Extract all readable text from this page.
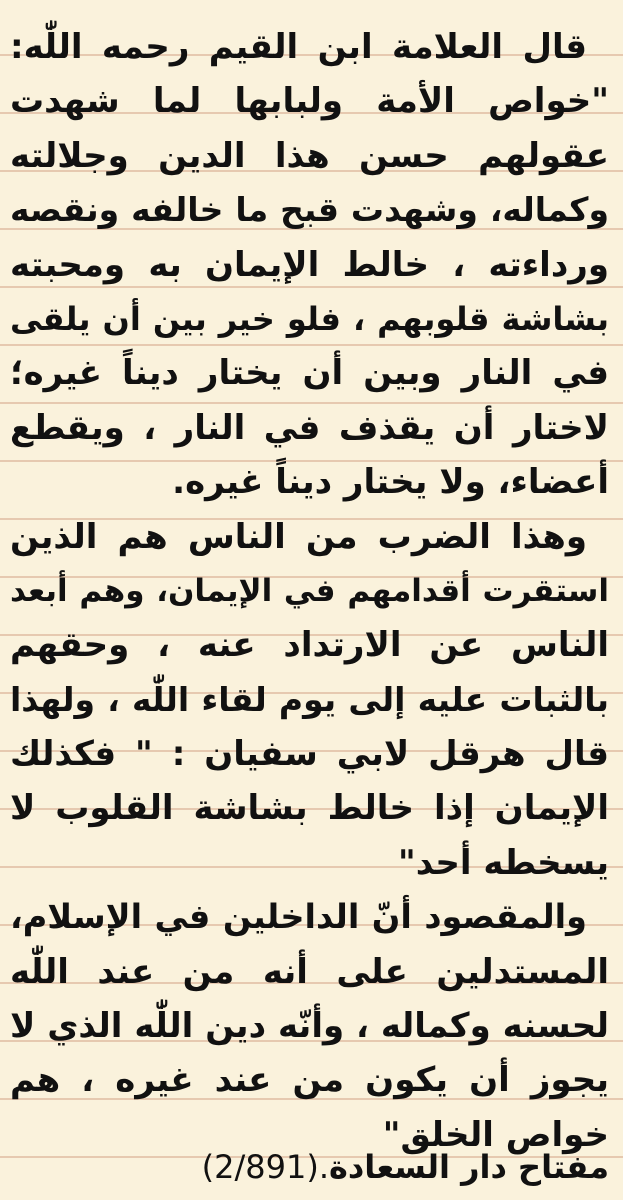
قال العلامة ابن القيم رحمه اللّٰه:
"خواص الأمة ولبابها لما شهدت
عقولهم حسن هذا الدين وجلالته
وكماله، وشهدت قبح ما خالفه ونقصه
ورداءته ، خالط الإيمان به ومحبته
بشاشة قلوبهم ، فلو خير بين أن يلقى
في النار وبين أن يختار ديناً غيره؛
لاختار أن يقذف في النار ، ويقطع
أعضاء، ولا يختار ديناً غيره.
وهذا الضرب من الناس هم الذين
استقرت أقدامهم في الإيمان، وهم أبعد
الناس عن الارتداد عنه ، وحقهم
بالثبات عليه إلى يوم لقاء اللّٰه ، ولهذا
قال هرقل لابي سفيان : " فكذلك
الإيمان إذا خالط بشاشة القلوب لا
يسخطه أحد"
والمقصود أنّ الداخلين في الإسلام،
المستدلين على أنه من عند اللّٰه
لحسنه وكماله ، وأنّه دين اللّٰه الذي لا
يجوز أن يكون من عند غيره ، هم
خواص الخلق"
مفتاح دار السعادة(2/891).
